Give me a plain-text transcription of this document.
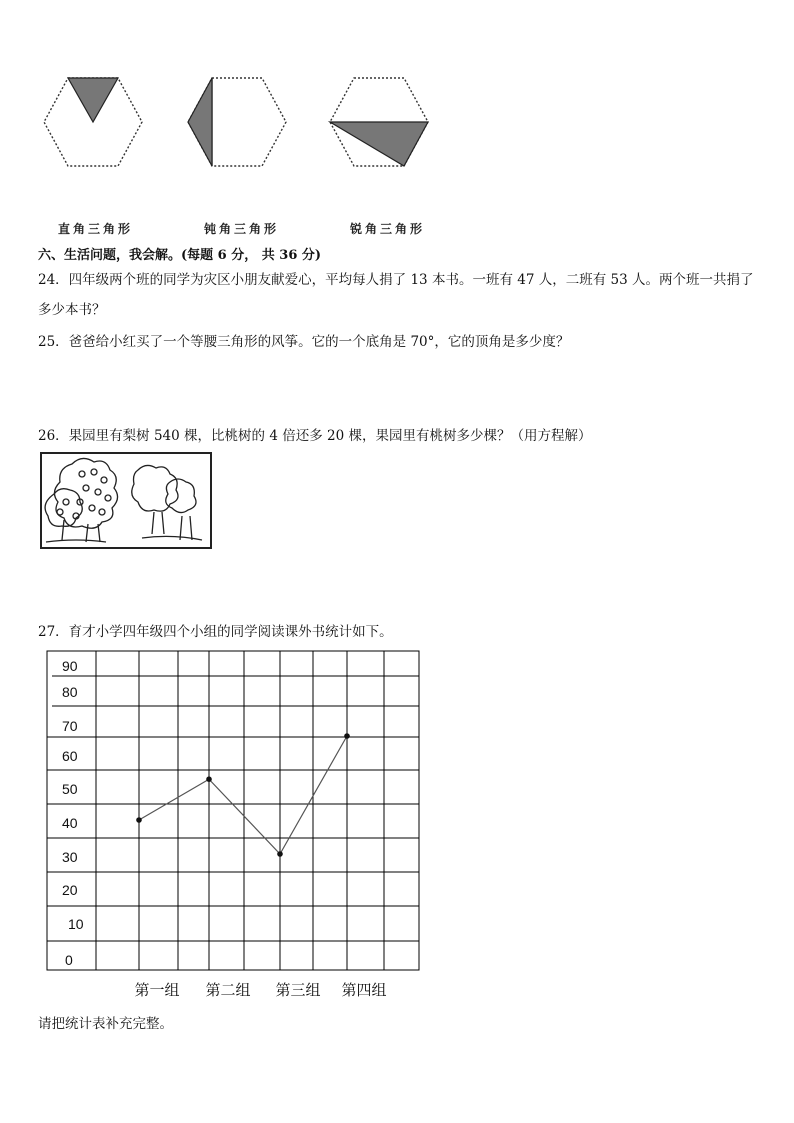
直角三角形	钝角三角形	锐角三角形
六、生活问题，我会解。(每题 6 分， 共 36 分)
24．四年级两个班的同学为灾区小朋友献爱心，平均每人捐了 13 本书。一班有 47 人，二班有 53 人。两个班一共捐了
多少本书？
25．爸爸给小红买了一个等腰三角形的风筝。它的一个底角是 70°，它的顶角是多少度？
26．果园里有梨树 540 棵，比桃树的 4 倍还多 20 棵，果园里有桃树多少棵？（用方程解）
27．育才小学四年级四个小组的同学阅读课外书统计如下。
0
10
20
30
40
50
60
70
80
90
第一组 第二组 第三组 第四组
请把统计表补充完整。
